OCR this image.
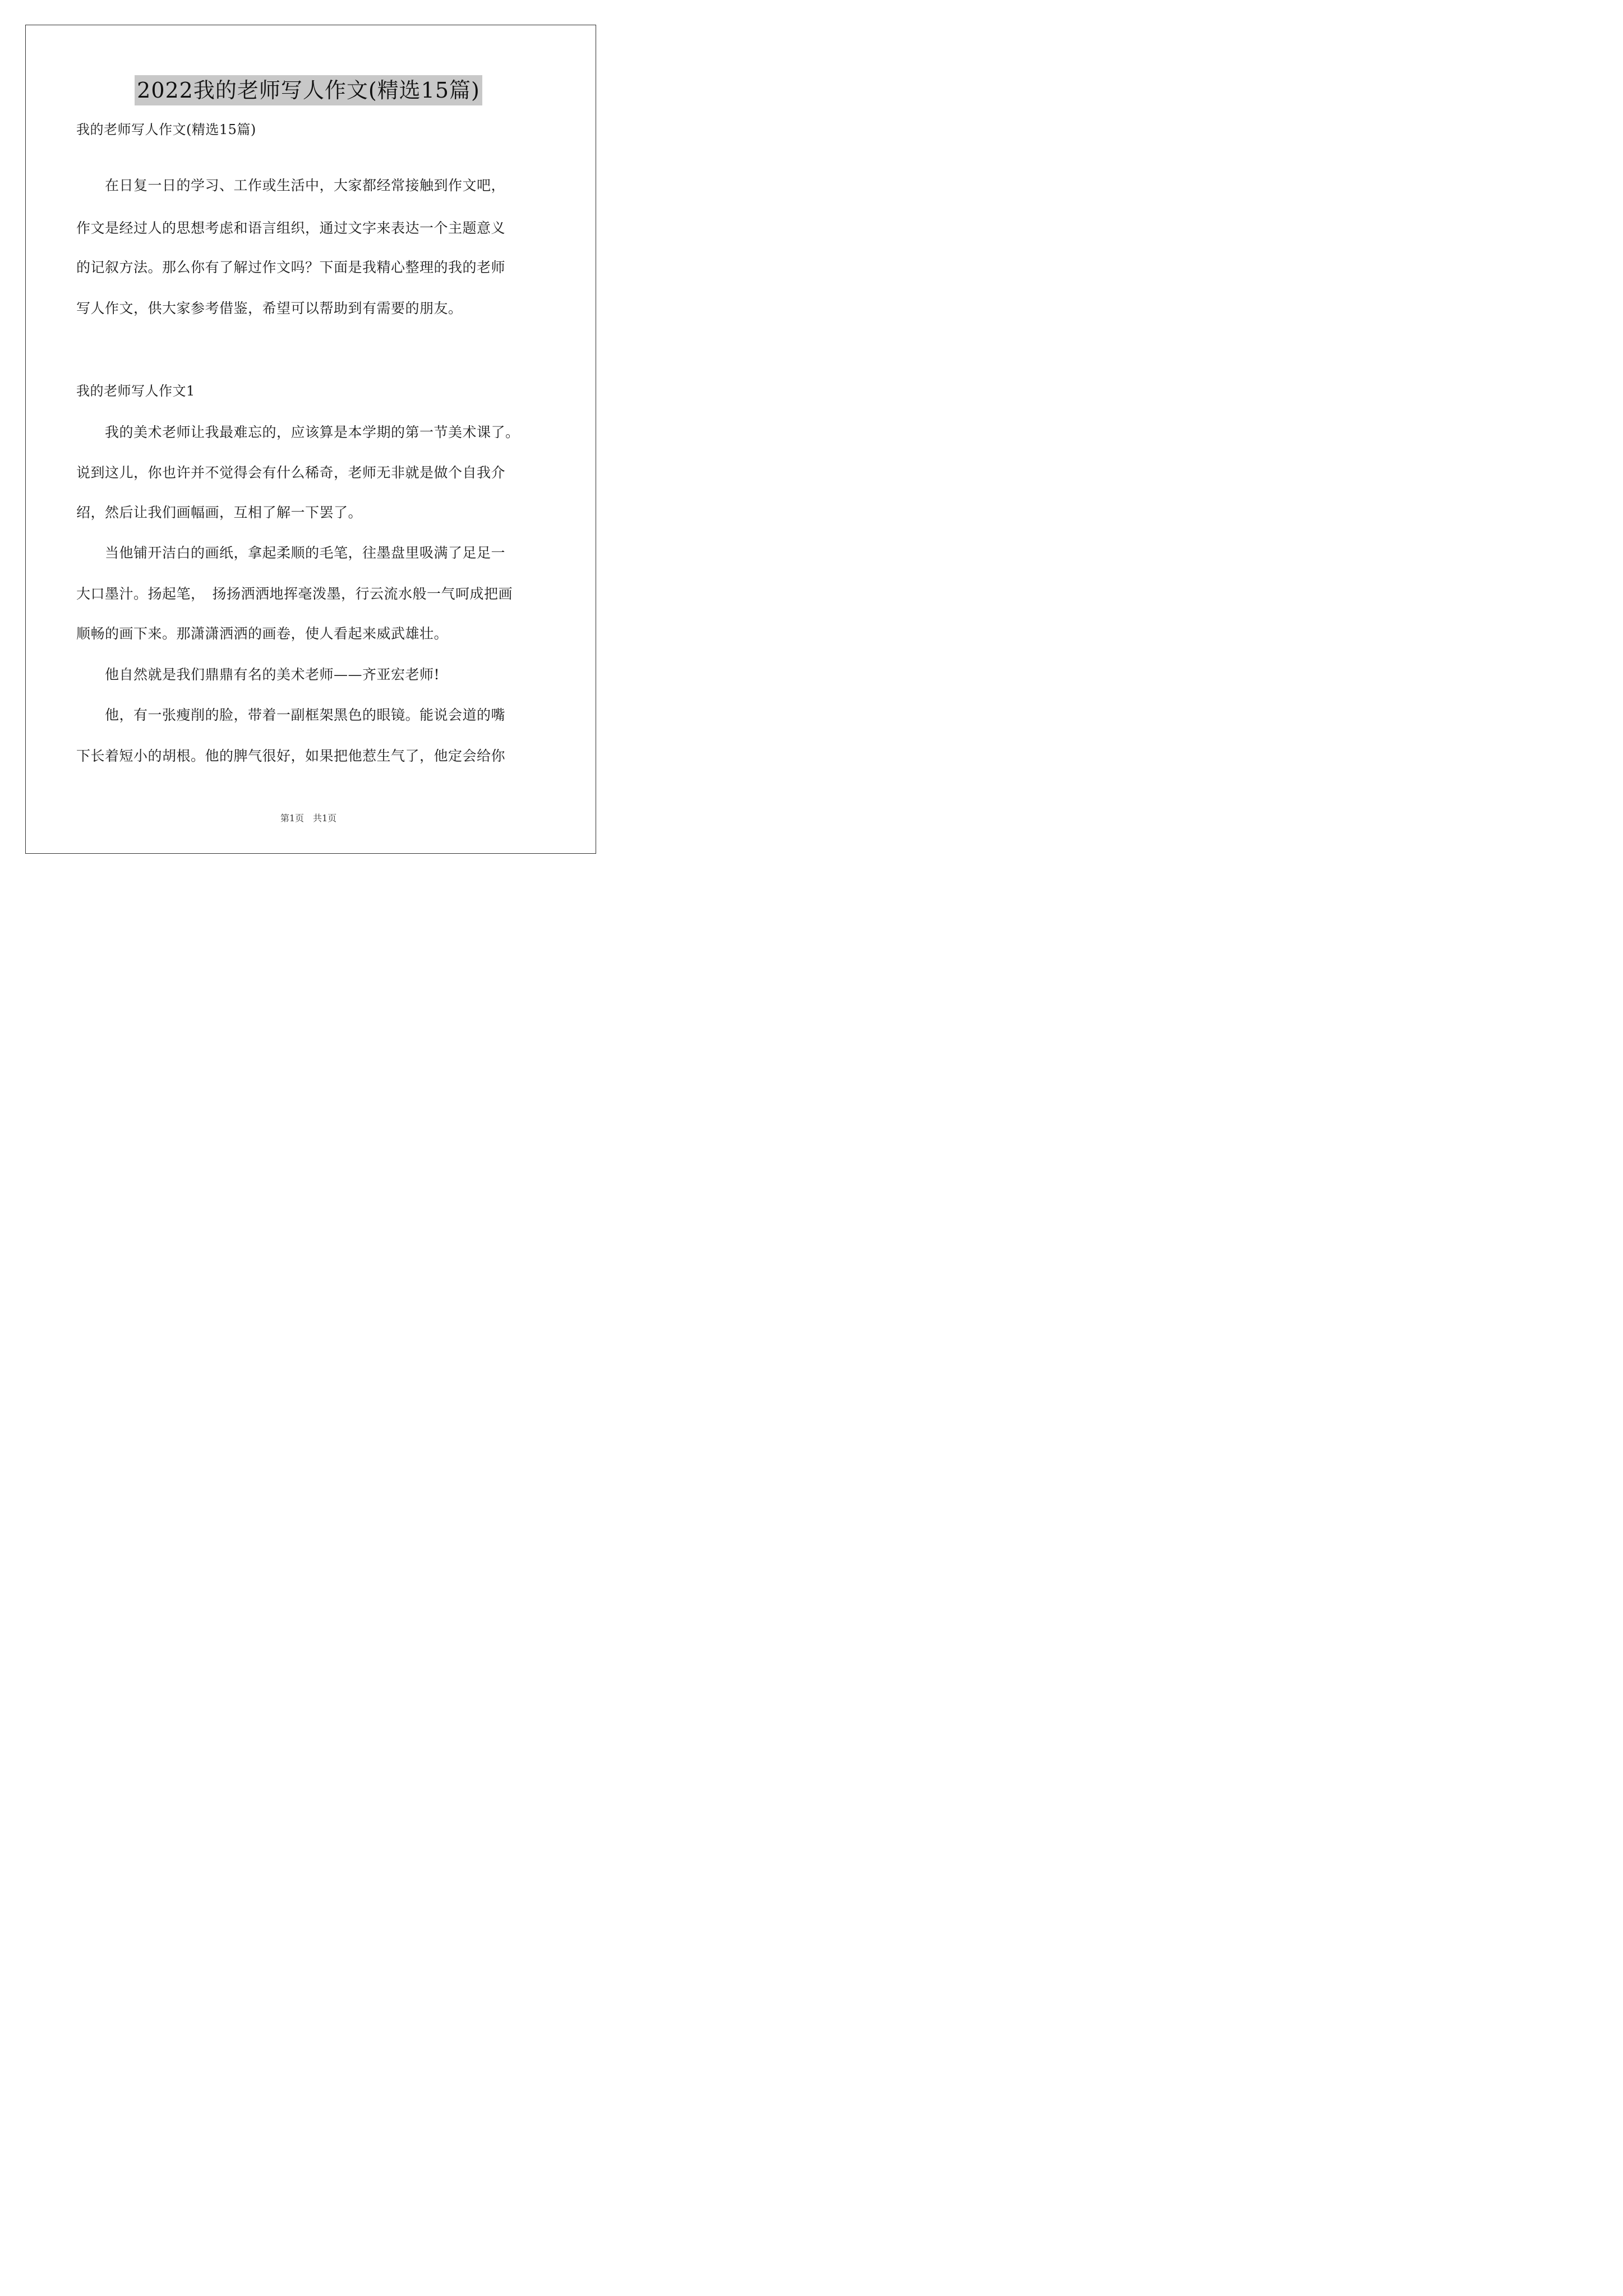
2022我的老师写人作文(精选15篇)
我的老师写人作文(精选15篇)
　　在日复一日的学习、工作或生活中，大家都经常接触到作文吧，
作文是经过人的思想考虑和语言组织，通过文字来表达一个主题意义
的记叙方法。那么你有了解过作文吗？下面是我精心整理的我的老师
写人作文，供大家参考借鉴，希望可以帮助到有需要的朋友。
我的老师写人作文1
　　我的美术老师让我最难忘的，应该算是本学期的第一节美术课了。
说到这儿，你也许并不觉得会有什么稀奇，老师无非就是做个自我介
绍，然后让我们画幅画，互相了解一下罢了。
　　当他铺开洁白的画纸，拿起柔顺的毛笔，往墨盘里吸满了足足一
大口墨汁。扬起笔，　扬扬洒洒地挥毫泼墨，行云流水般一气呵成把画
顺畅的画下来。那潇潇洒洒的画卷，使人看起来威武雄壮。
　　他自然就是我们鼎鼎有名的美术老师——齐亚宏老师!
　　他，有一张瘦削的脸，带着一副框架黑色的眼镜。能说会道的嘴
下长着短小的胡根。他的脾气很好，如果把他惹生气了，他定会给你
第1页　共1页
